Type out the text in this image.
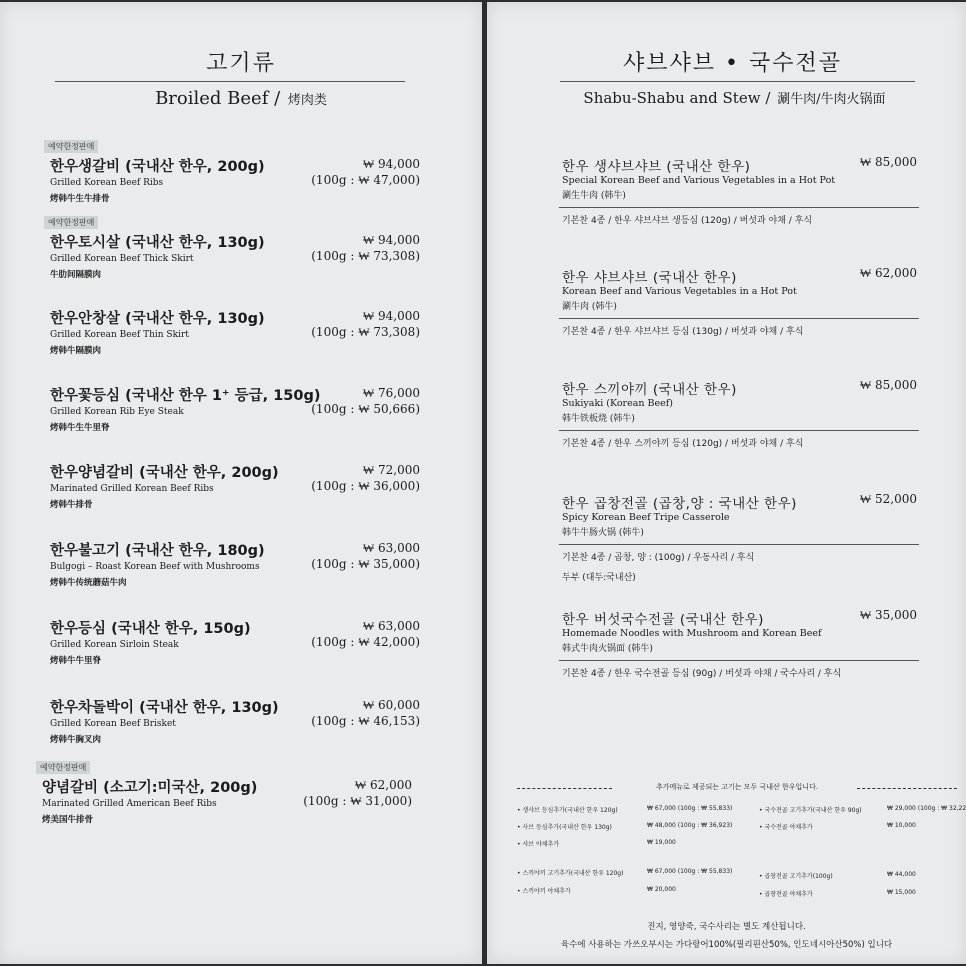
고기류
Broiled Beef / 烤肉类
예약한정판매
한우생갈비 (국내산 한우, 200g)
Grilled Korean Beef Ribs
烤韩牛生牛排骨
₩ 94,000
(100g : ₩ 47,000)
예약한정판매
한우토시살 (국내산 한우, 130g)
Grilled Korean Beef Thick Skirt
牛肋间隔膜肉
₩ 94,000
(100g : ₩ 73,308)
한우안창살 (국내산 한우, 130g)
Grilled Korean Beef Thin Skirt
烤韩牛隔膜肉
₩ 94,000
(100g : ₩ 73,308)
한우꽃등심 (국내산 한우 1⁺ 등급, 150g)
Grilled Korean Rib Eye Steak
烤韩牛生牛里脊
₩ 76,000
(100g : ₩ 50,666)
한우양념갈비 (국내산 한우, 200g)
Marinated Grilled Korean Beef Ribs
烤韩牛排骨
₩ 72,000
(100g : ₩ 36,000)
한우불고기 (국내산 한우, 180g)
Bulgogi – Roast Korean Beef with Mushrooms
烤韩牛传统蘑菇牛肉
₩ 63,000
(100g : ₩ 35,000)
한우등심 (국내산 한우, 150g)
Grilled Korean Sirloin Steak
烤韩牛牛里脊
₩ 63,000
(100g : ₩ 42,000)
한우차돌박이 (국내산 한우, 130g)
Grilled Korean Beef Brisket
烤韩牛胸叉肉
₩ 60,000
(100g : ₩ 46,153)
예약한정판매
양념갈비 (소고기:미국산, 200g)
Marinated Grilled American Beef Ribs
烤美国牛排骨
₩ 62,000
(100g : ₩ 31,000)
샤브샤브 • 국수전골
Shabu-Shabu and Stew / 涮牛肉/牛肉火锅面
한우 생샤브샤브 (국내산 한우)
Special Korean Beef and Various Vegetables in a Hot Pot
涮生牛肉 (韩牛)
₩ 85,000
기본찬 4종 / 한우 샤브샤브 생등심 (120g) / 버섯과 야채 / 후식
한우 샤브샤브 (국내산 한우)
Korean Beef and Various Vegetables in a Hot Pot
涮牛肉 (韩牛)
₩ 62,000
기본찬 4종 / 한우 샤브샤브 등심 (130g) / 버섯과 야채 / 후식
한우 스끼야끼 (국내산 한우)
Sukiyaki (Korean Beef)
韩牛铁板烧 (韩牛)
₩ 85,000
기본찬 4종 / 한우 스끼야끼 등심 (120g) / 버섯과 야채 / 후식
한우 곱창전골 (곱창,양 : 국내산 한우)
Spicy Korean Beef Tripe Casserole
韩牛牛肠火锅 (韩牛)
₩ 52,000
기본찬 4종 / 곱창, 양 : (100g) / 우동사리 / 후식
두부 (대두:국내산)
한우 버섯국수전골 (국내산 한우)
Homemade Noodles with Mushroom and Korean Beef
韩式牛肉火锅面 (韩牛)
₩ 35,000
기본찬 4종 / 한우 국수전골 등심 (90g) / 버섯과 야채 / 국수사리 / 후식
추가메뉴로 제공되는 고기는 모두 국내산 한우입니다.
• 생샤브 등심추가(국내산 한우 120g)	₩ 67,000 (100g : ₩ 55,833)
• 사브 등심추가(국내산 한우 130g)	₩ 48,000 (100g : ₩ 36,923)
• 샤브 야채추가	₩ 19,000
• 국수전골 고기추가(국내산 한우 90g)	₩ 29,000 (100g : ₩ 32,22
• 국수전골 야채추가	₩ 10,000
• 스끼야끼 고기추가(국내산 한우 120g)	₩ 67,000 (100g : ₩ 55,833)
• 스끼야끼 야채추가	₩ 20,000
• 곱창전골 고기추가(100g)	₩ 44,000
• 곱창전골 야채추가	₩ 15,000
진지, 영양죽, 국수사리는 별도 계산됩니다.
육수에 사용하는 가쓰오부시는 가다랑어100%(필리핀산50%, 인도네시아산50%) 입니다
